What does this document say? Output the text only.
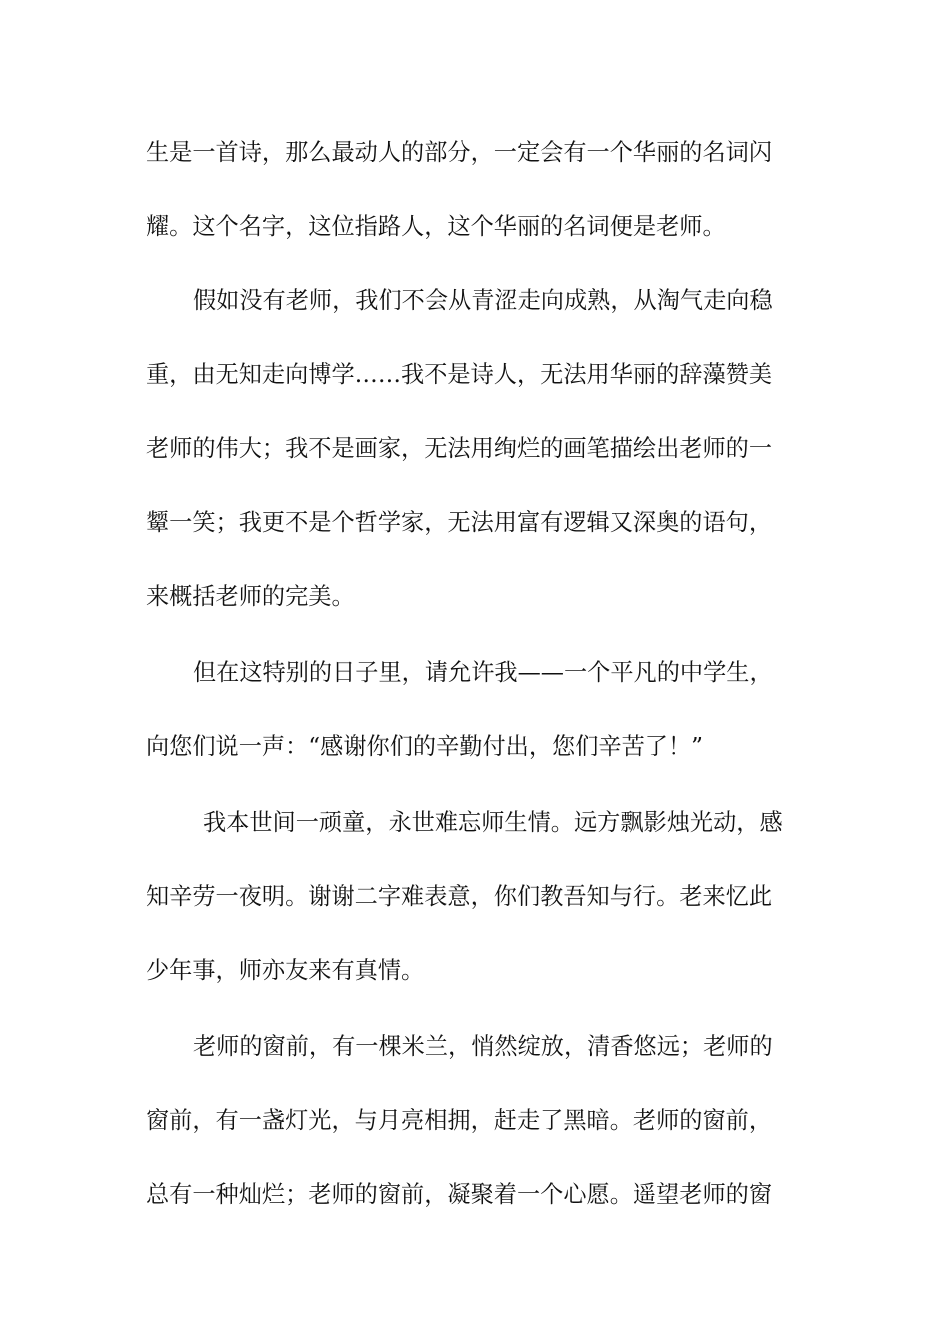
生是一首诗，那么最动人的部分，一定会有一个华丽的名词闪
耀。这个名字，这位指路人，这个华丽的名词便是老师。
假如没有老师，我们不会从青涩走向成熟，从淘气走向稳
重，由无知走向博学……我不是诗人，无法用华丽的辞藻赞美
老师的伟大；我不是画家，无法用绚烂的画笔描绘出老师的一
颦一笑；我更不是个哲学家，无法用富有逻辑又深奥的语句，
来概括老师的完美。
但在这特别的日子里，请允许我——一个平凡的中学生，
向您们说一声：“感谢你们的辛勤付出，您们辛苦了！”
我本世间一顽童，永世难忘师生情。远方飘影烛光动，感
知辛劳一夜明。谢谢二字难表意，你们教吾知与行。老来忆此
少年事，师亦友来有真情。
老师的窗前，有一棵米兰，悄然绽放，清香悠远；老师的
窗前，有一盏灯光，与月亮相拥，赶走了黑暗。老师的窗前，
总有一种灿烂；老师的窗前，凝聚着一个心愿。遥望老师的窗
